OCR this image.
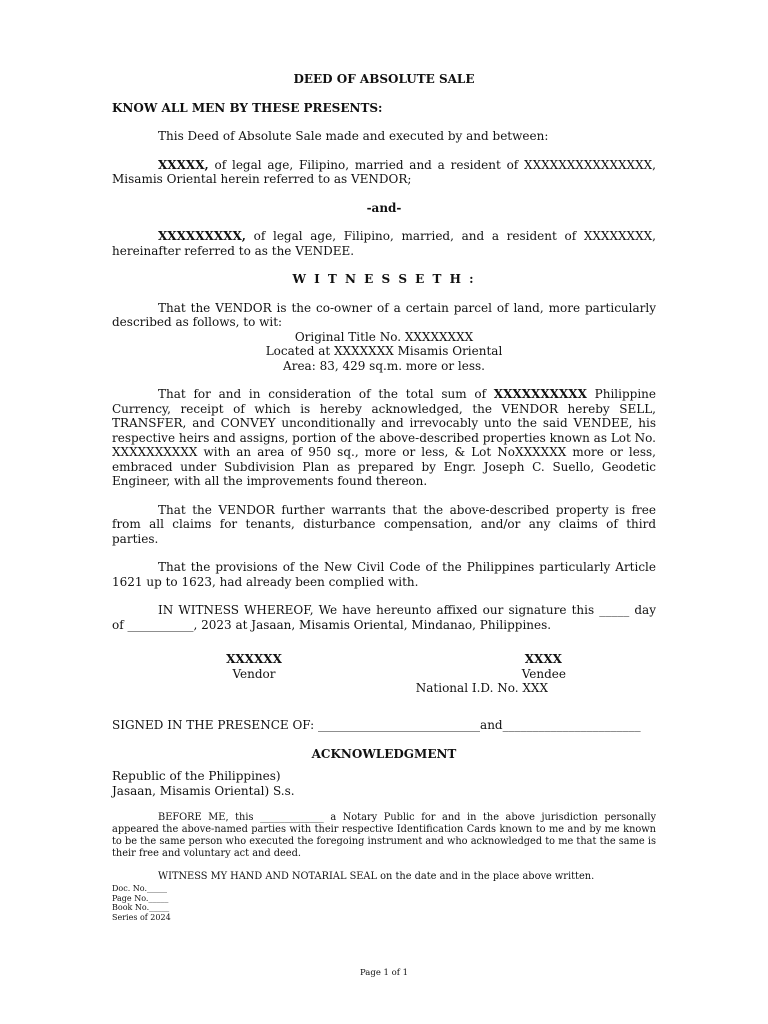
DEED OF ABSOLUTE SALE

KNOW ALL MEN BY THESE PRESENTS:

This Deed of Absolute Sale made and executed by and between:

XXXXX, of legal age, Filipino, married and a resident of XXXXXXXXXXXXXXX, Misamis Oriental herein referred to as VENDOR;

-and-

XXXXXXXXX, of legal age, Filipino, married, and a resident of XXXXXXXX, hereinafter referred to as the VENDEE.

W I T N E S S E T H :

That the VENDOR is the co-owner of a certain parcel of land, more particularly described as follows, to wit:

Original Title No. XXXXXXXX

Located at XXXXXXX Misamis Oriental

Area: 83, 429 sq.m. more or less.

That for and in consideration of the total sum of XXXXXXXXXX Philippine Currency, receipt of which is hereby acknowledged, the VENDOR hereby SELL, TRANSFER, and CONVEY unconditionally and irrevocably unto the said VENDEE, his respective heirs and assigns, portion of the above-described properties known as Lot No. XXXXXXXXXX with an area of 950 sq., more or less, & Lot NoXXXXXX more or less, embraced under Subdivision Plan as prepared by Engr. Joseph C. Suello, Geodetic Engineer, with all the improvements found thereon.

That the VENDOR further warrants that the above-described property is free from all claims for tenants, disturbance compensation, and/or any claims of third parties.

That the provisions of the New Civil Code of the Philippines particularly Article 1621 up to 1623, had already been complied with.

IN WITNESS WHEREOF, We have hereunto affixed our signature this _____ day of ___________, 2023 at Jasaan, Misamis Oriental, Mindanao, Philippines.

XXXXXX
Vendor
XXXX
Vendee
National I.D. No. XXX

SIGNED IN THE PRESENCE OF: ___________________________and_______________________

ACKNOWLEDGMENT

Republic of the Philippines)

Jasaan, Misamis Oriental) S.s.

BEFORE ME, this _____________ a Notary Public for and in the above jurisdiction personally appeared the above-named parties with their respective Identification Cards known to me and by me known to be the same person who executed the foregoing instrument and who acknowledged to me that the same is their free and voluntary act and deed.

WITNESS MY HAND AND NOTARIAL SEAL on the date and in the place above written.

Doc. No._____
Page No._____
Book No._____
Series of 2024
Page 1 of 1
